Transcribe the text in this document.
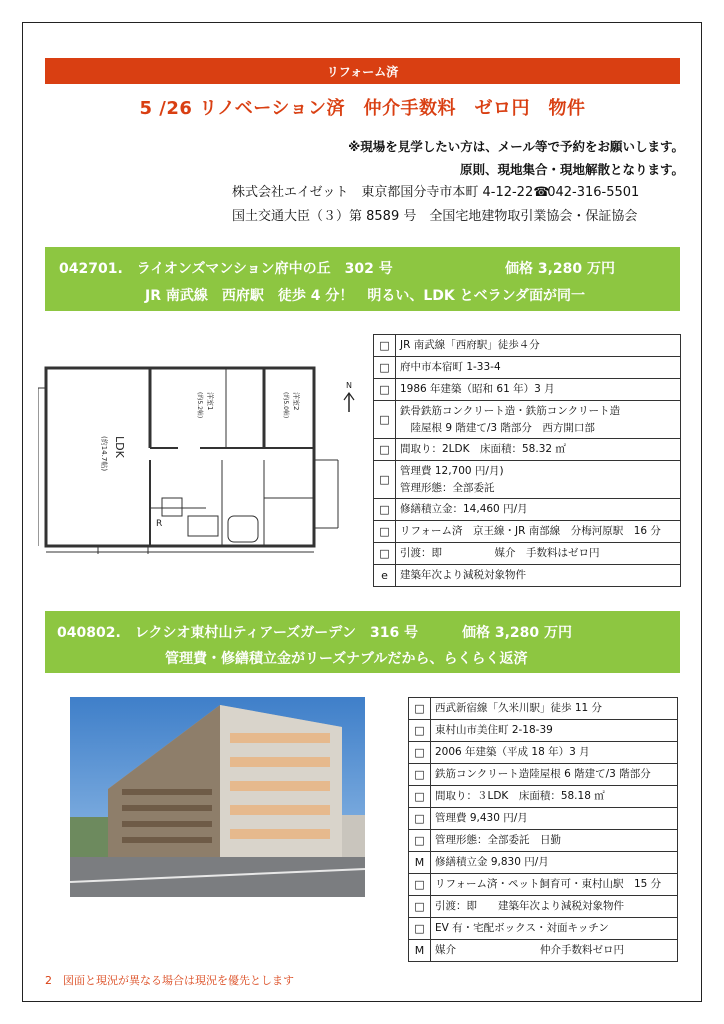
リフォーム済
5 /26 リノベーション済　仲介手数料　ゼロ円　物件
※現場を見学したい方は、メール等で予約をお願いします。
原則、現地集合・現地解散となります。
株式会社エイゼット　東京都国分寺市本町 4-12-22☎042-316-5501
国土交通大臣（３）第 8589 号　全国宅地建物取引業協会・保証協会
042701.　ライオンズマンション府中の丘　302 号	価格 3,280 万円
JR 南武線　西府駅　徒歩 4 分！　明るい、LDK とベランダ面が同一
LDK
(約14.7帖)
洋室1
(約5.2帖)	洋室2
(約5.0帖)
R
N
□	JR 南武線「西府駅」徒歩４分

□	府中市本宿町 1-33-4

□	1986 年建築（昭和 61 年）3 月

□	鉄骨鉄筋コンクリート造・鉄筋コンクリート造
　陸屋根 9 階建て/3 階部分　西方開口部

□	間取り：2LDK　床面積：58.32 ㎡

□	管理費 12,700 円/月)
管理形態：全部委託

□	修繕積立金：14,460 円/月

□	リフォーム済　京王線・JR 南部線　分梅河原駅　16 分

□	引渡：即　　　　　媒介　手数料はゼロ円

e	建築年次より減税対象物件
040802.　レクシオ東村山ティアーズガーデン　316 号	価格 3,280 万円
管理費・修繕積立金がリーズナブルだから、らくらく返済
□	西武新宿線「久米川駅」徒歩 11 分

□	東村山市美住町 2-18-39

□	2006 年建築（平成 18 年）3 月

□	鉄筋コンクリート造陸屋根 6 階建て/3 階部分

□	間取り：３LDK　床面積：58.18 ㎡

□	管理費 9,430 円/月

□	管理形態：全部委託　日勤

M	修繕積立金 9,830 円/月

□	リフォーム済・ペット飼育可・東村山駅　15 分

□	引渡：即　　建築年次より減税対象物件

□	EV 有・宅配ボックス・対面キッチン

M	媒介　　　　　　　　仲介手数料ゼロ円
2　図面と現況が異なる場合は現況を優先とします
